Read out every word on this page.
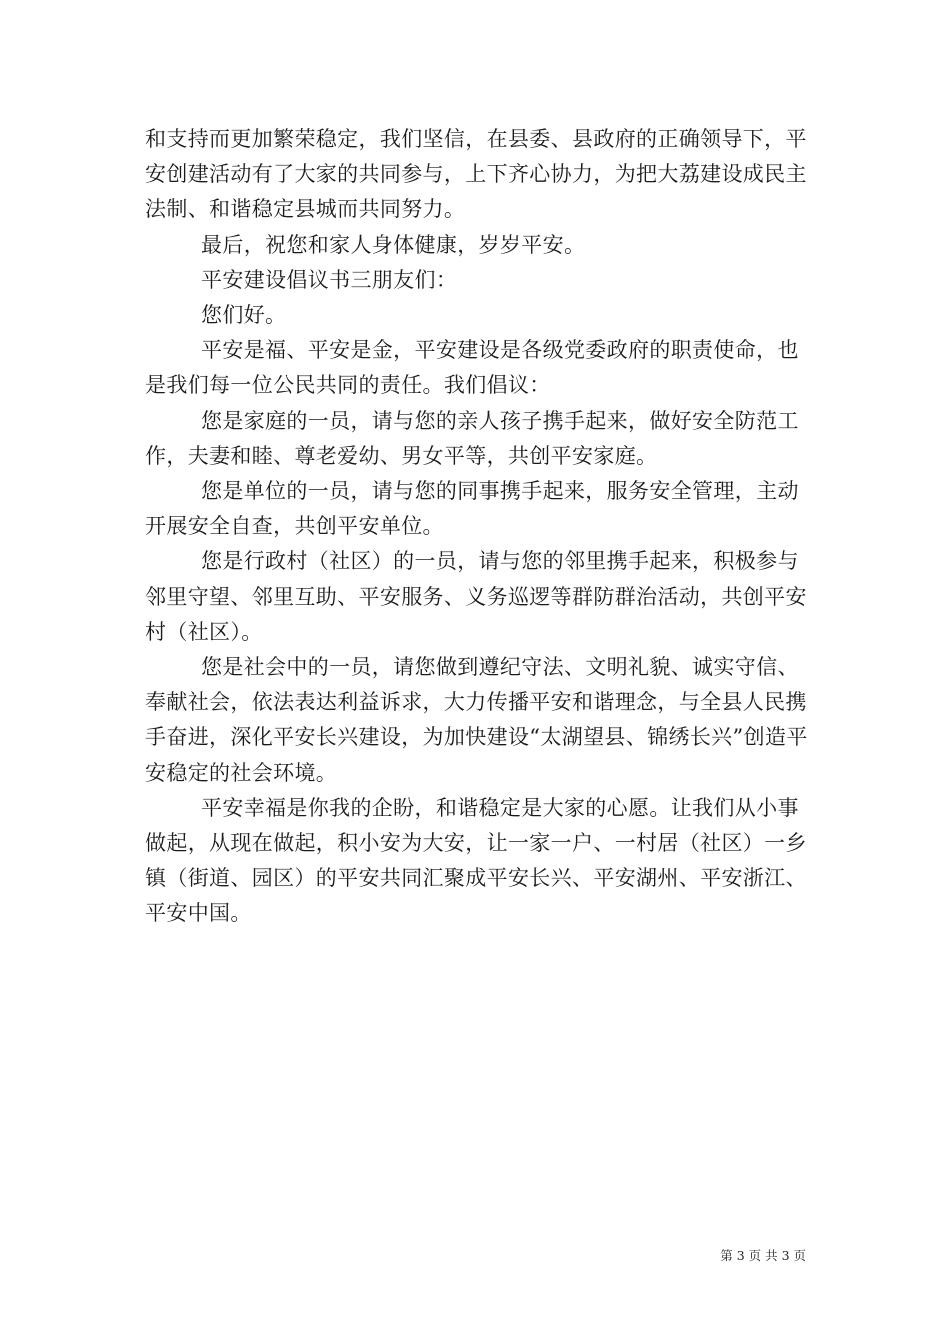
和支持而更加繁荣稳定，我们坚信，在县委、县政府的正确领导下，平安创建活动有了大家的共同参与，上下齐心协力，为把大荔建设成民主法制、和谐稳定县城而共同努力。

最后，祝您和家人身体健康，岁岁平安。

平安建设倡议书三朋友们：

您们好。

平安是福、平安是金，平安建设是各级党委政府的职责使命，也是我们每一位公民共同的责任。我们倡议：

您是家庭的一员，请与您的亲人孩子携手起来，做好安全防范工作，夫妻和睦、尊老爱幼、男女平等，共创平安家庭。

您是单位的一员，请与您的同事携手起来，服务安全管理，主动开展安全自查，共创平安单位。

您是行政村（社区）的一员，请与您的邻里携手起来，积极参与邻里守望、邻里互助、平安服务、义务巡逻等群防群治活动，共创平安村（社区）。

您是社会中的一员，请您做到遵纪守法、文明礼貌、诚实守信、奉献社会，依法表达利益诉求，大力传播平安和谐理念，与全县人民携手奋进，深化平安长兴建设，为加快建设“太湖望县、锦绣长兴”创造平安稳定的社会环境。

平安幸福是你我的企盼，和谐稳定是大家的心愿。让我们从小事做起，从现在做起，积小安为大安，让一家一户、一村居（社区）一乡镇（街道、园区）的平安共同汇聚成平安长兴、平安湖州、平安浙江、平安中国。

第 3 页 共 3 页
